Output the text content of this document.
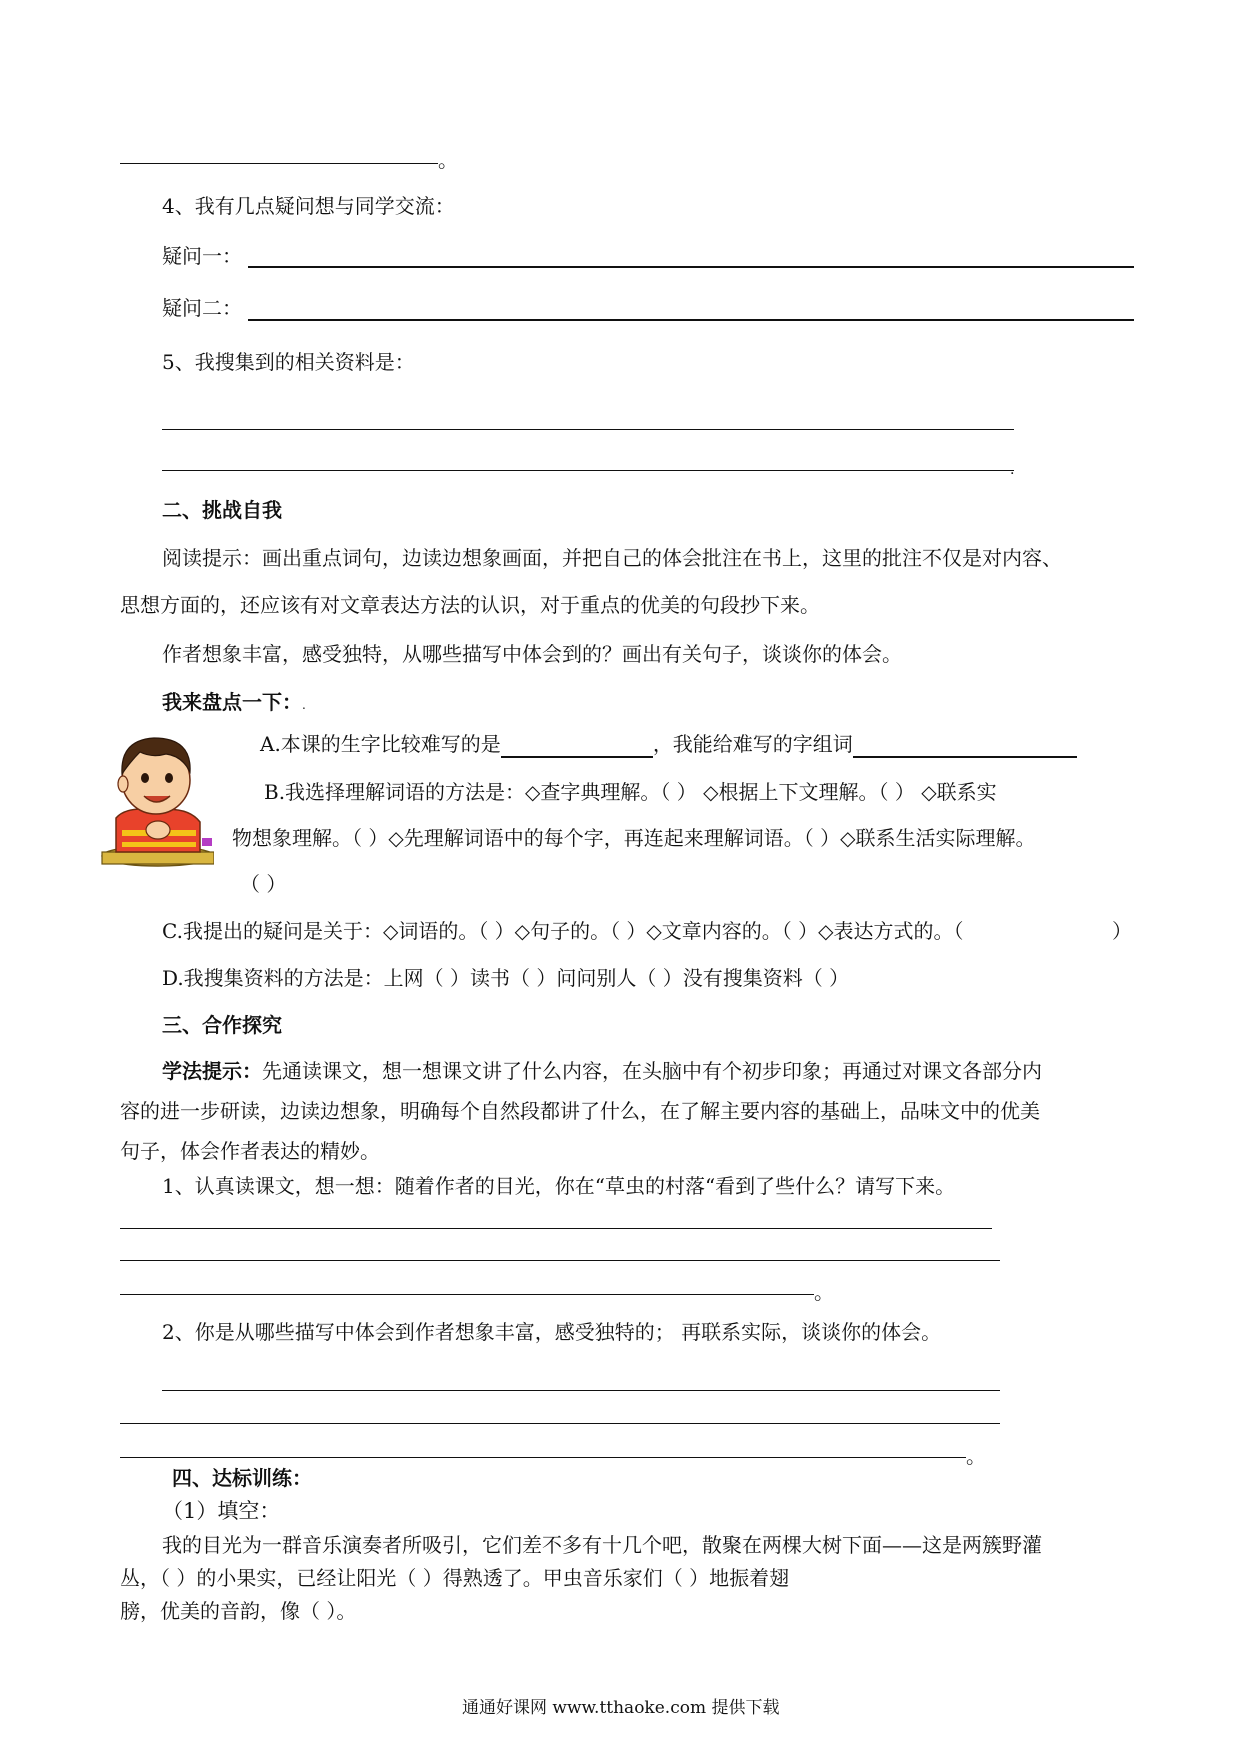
。
4、我有几点疑问想与同学交流：
疑问一：
疑问二：
5、我搜集到的相关资料是：
.
二、挑战自我
阅读提示：画出重点词句，边读边想象画面，并把自己的体会批注在书上，这里的批注不仅是对内容、
思想方面的，还应该有对文章表达方法的认识，对于重点的优美的句段抄下来。
作者想象丰富，感受独特，从哪些描写中体会到的？画出有关句子，谈谈你的体会。
我来盘点一下：.
A.本课的生字比较难写的是	，我能给难写的字组词
B.我选择理解词语的方法是：◇查字典理解。（ ） ◇根据上下文理解。（ ） ◇联系实
物想象理解。（ ）◇先理解词语中的每个字，再连起来理解词语。（ ）◇联系生活实际理解。
（ ）
C.我提出的疑问是关于：◇词语的。（ ）◇句子的。（ ）◇文章内容的。（ ）◇表达方式的。（	）
D.我搜集资料的方法是：上网（ ）读书（ ）问问别人（ ）没有搜集资料（ ）
三、合作探究
学法提示：先通读课文，想一想课文讲了什么内容，在头脑中有个初步印象；再通过对课文各部分内
容的进一步研读，边读边想象，明确每个自然段都讲了什么，在了解主要内容的基础上，品味文中的优美
句子，体会作者表达的精妙。
1、认真读课文，想一想：随着作者的目光，你在“草虫的村落“看到了些什么？请写下来。
。
2、你是从哪些描写中体会到作者想象丰富，感受独特的； 再联系实际，谈谈你的体会。
。
四、达标训练：
（1）填空：
我的目光为一群音乐演奏者所吸引，它们差不多有十几个吧，散聚在两棵大树下面——这是两簇野灌
丛，（ ）的小果实，已经让阳光（ ）得熟透了。甲虫音乐家们（ ）地振着翅
膀，优美的音韵，像（ ）。
通通好课网 www.tthaoke.com 提供下载
